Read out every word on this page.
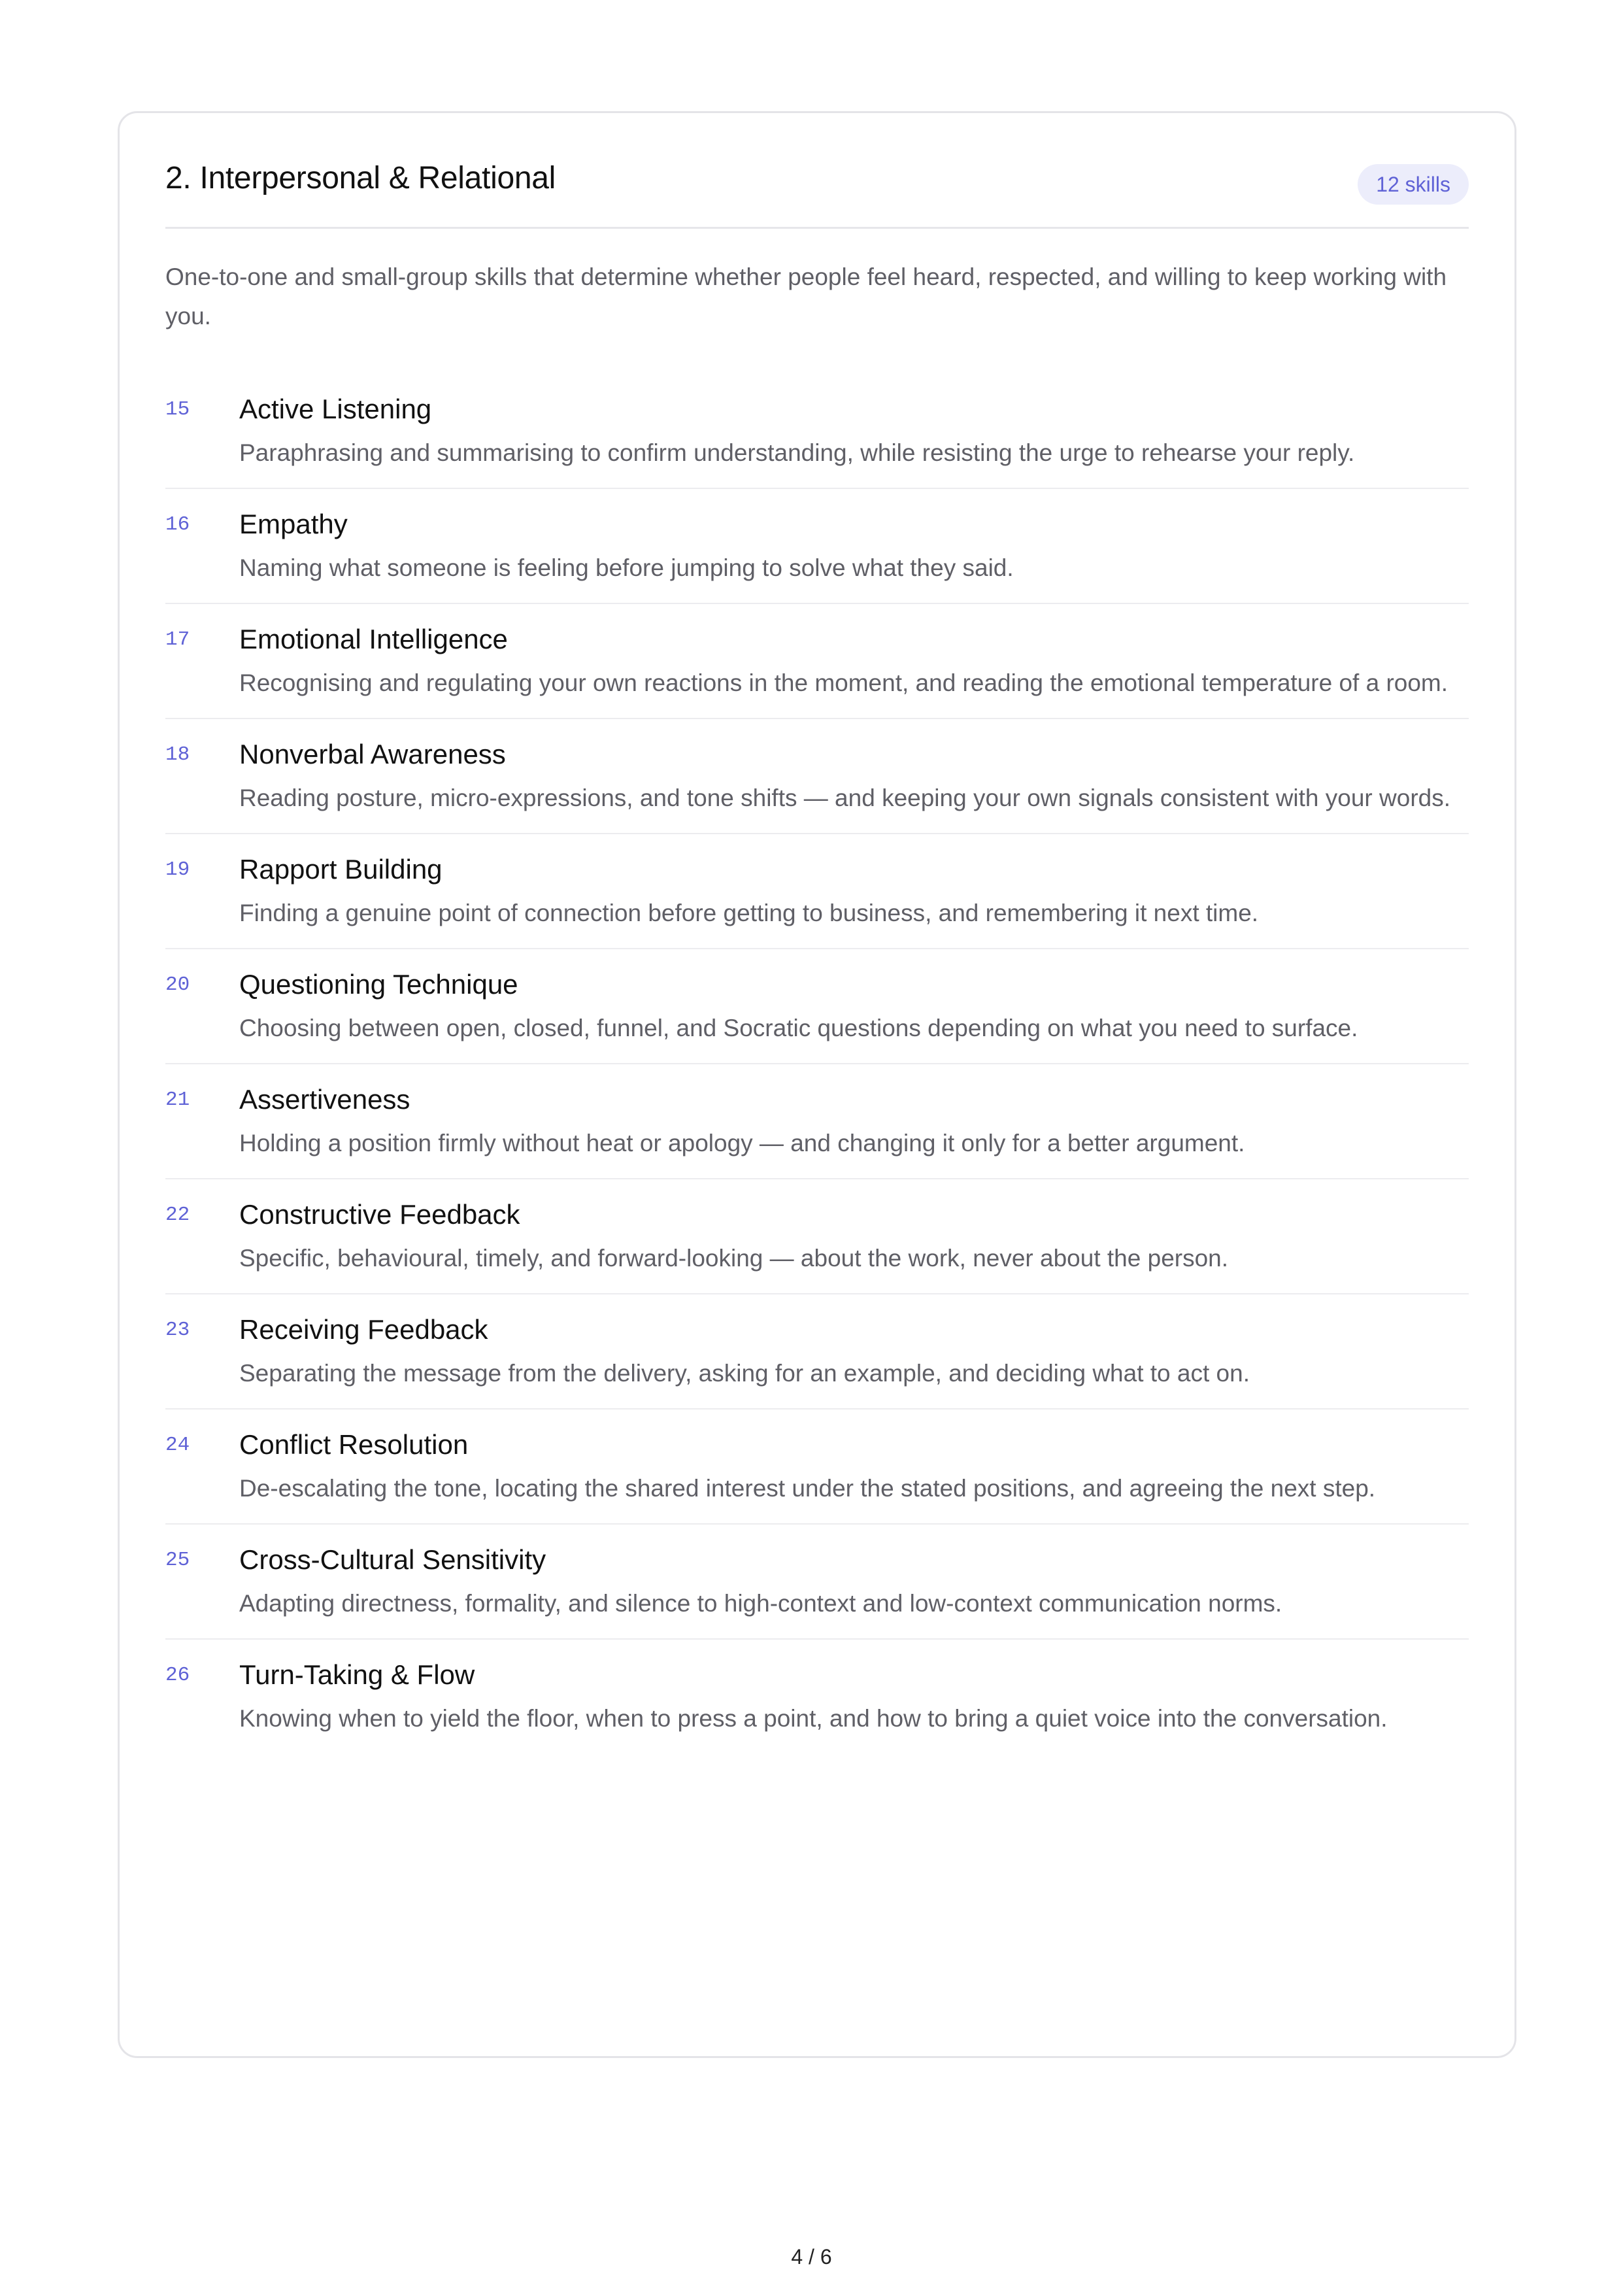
2. Interpersonal & Relational	12 skills

One-to-one and small-group skills that determine whether people feel heard, respected, and willing to keep working with you.

15 Active Listening
Paraphrasing and summarising to confirm understanding, while resisting the urge to rehearse your reply.
16 Empathy
Naming what someone is feeling before jumping to solve what they said.
17 Emotional Intelligence
Recognising and regulating your own reactions in the moment, and reading the emotional temperature of a room.
18 Nonverbal Awareness
Reading posture, micro-expressions, and tone shifts — and keeping your own signals consistent with your words.
19 Rapport Building
Finding a genuine point of connection before getting to business, and remembering it next time.
20 Questioning Technique
Choosing between open, closed, funnel, and Socratic questions depending on what you need to surface.
21 Assertiveness
Holding a position firmly without heat or apology — and changing it only for a better argument.
22 Constructive Feedback
Specific, behavioural, timely, and forward-looking — about the work, never about the person.
23 Receiving Feedback
Separating the message from the delivery, asking for an example, and deciding what to act on.
24 Conflict Resolution
De-escalating the tone, locating the shared interest under the stated positions, and agreeing the next step.
25 Cross-Cultural Sensitivity
Adapting directness, formality, and silence to high-context and low-context communication norms.
26 Turn-Taking & Flow
Knowing when to yield the floor, when to press a point, and how to bring a quiet voice into the conversation.
4 / 6
